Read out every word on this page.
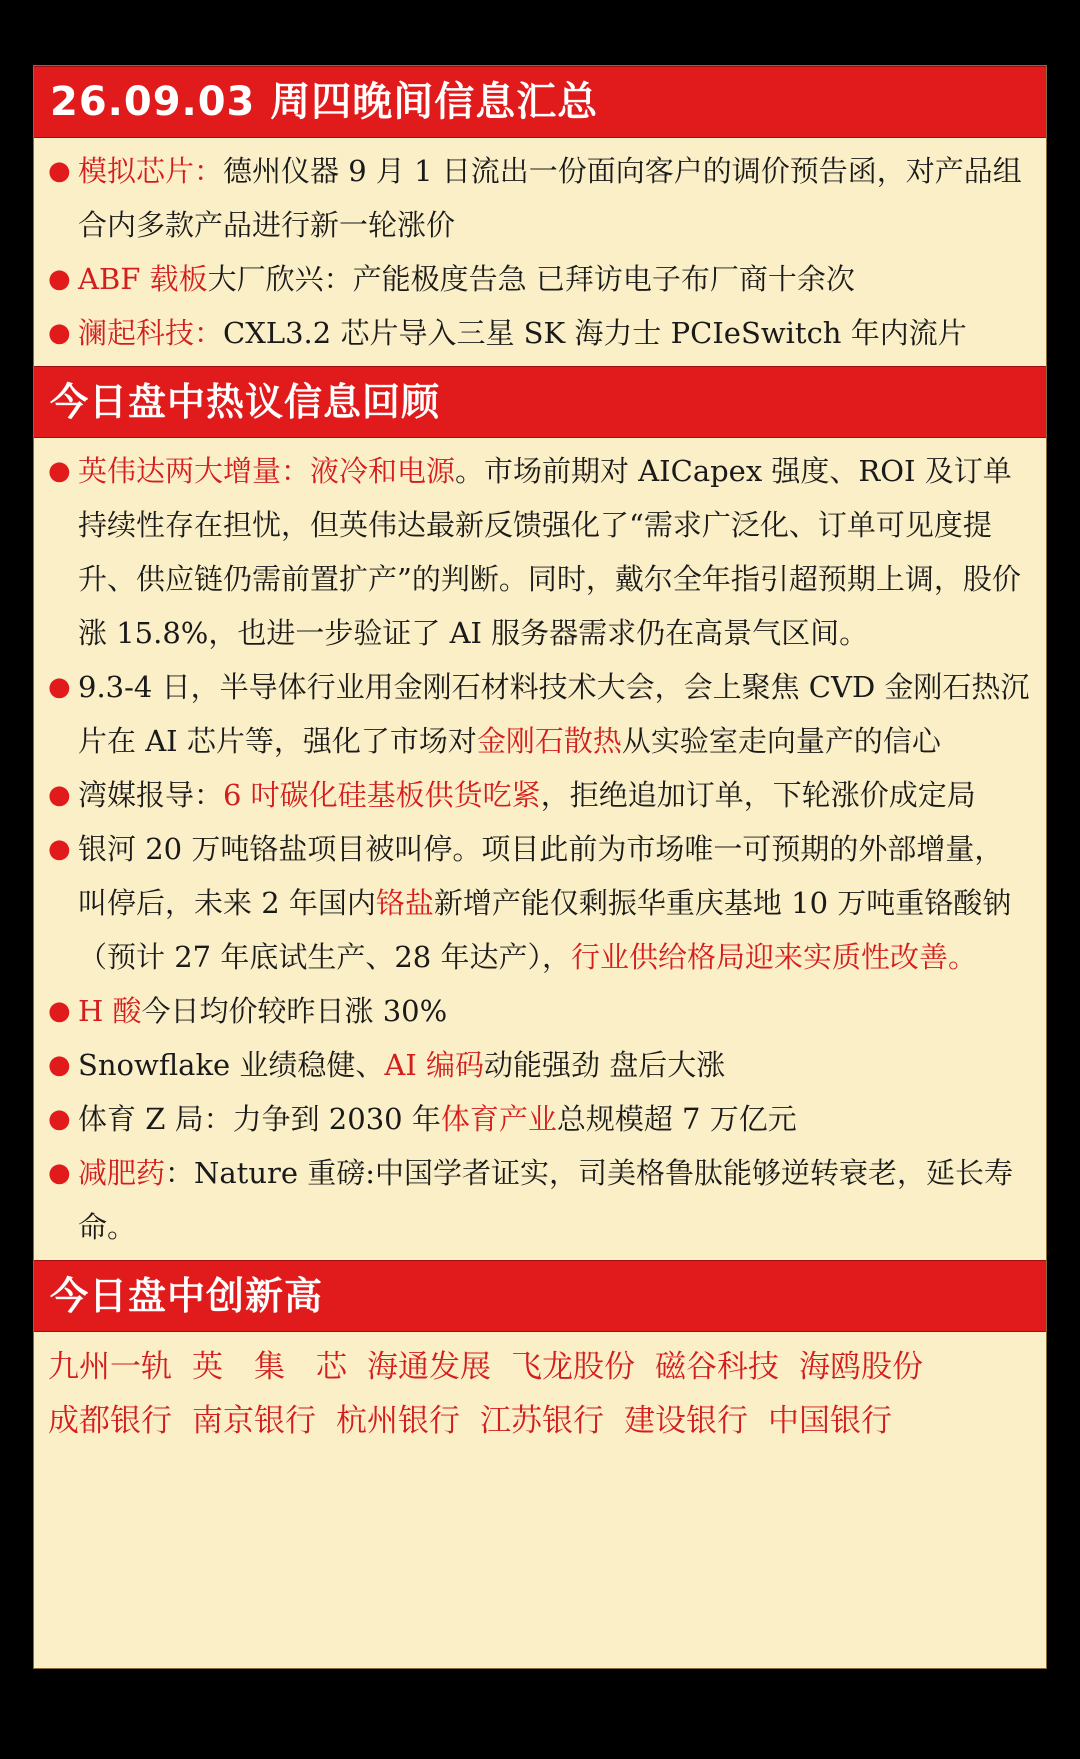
26.09.03 周四晚间信息汇总
● 模拟芯片：德州仪器 9 月 1 日流出一份面向客户的调价预告函，对产品组合内多款产品进行新一轮涨价
● ABF 载板大厂欣兴：产能极度告急 已拜访电子布厂商十余次
● 澜起科技：CXL3.2 芯片导入三星 SK 海力士 PCIeSwitch 年内流片
今日盘中热议信息回顾
● 英伟达两大增量：液冷和电源。市场前期对 AICapex 强度、ROI 及订单持续性存在担忧，但英伟达最新反馈强化了“需求广泛化、订单可见度提升、供应链仍需前置扩产”的判断。同时，戴尔全年指引超预期上调，股价涨 15.8%，也进一步验证了 AI 服务器需求仍在高景气区间。
● 9.3-4 日，半导体行业用金刚石材料技术大会，会上聚焦 CVD 金刚石热沉片在 AI 芯片等，强化了市场对金刚石散热从实验室走向量产的信心
● 湾媒报导：6 吋碳化硅基板供货吃紧，拒绝追加订单，下轮涨价成定局
● 银河 20 万吨铬盐项目被叫停。项目此前为市场唯一可预期的外部增量，叫停后，未来 2 年国内铬盐新增产能仅剩振华重庆基地 10 万吨重铬酸钠（预计 27 年底试生产、28 年达产），行业供给格局迎来实质性改善。
● H 酸今日均价较昨日涨 30%
● Snowflake 业绩稳健、AI 编码动能强劲 盘后大涨
● 体育 Z 局：力争到 2030 年体育产业总规模超 7 万亿元
● 减肥药：Nature 重磅:中国学者证实，司美格鲁肽能够逆转衰老，延长寿命。
今日盘中创新高
九州一轨 英　集　芯 海通发展 飞龙股份 磁谷科技 海鸥股份
成都银行 南京银行 杭州银行 江苏银行 建设银行 中国银行
